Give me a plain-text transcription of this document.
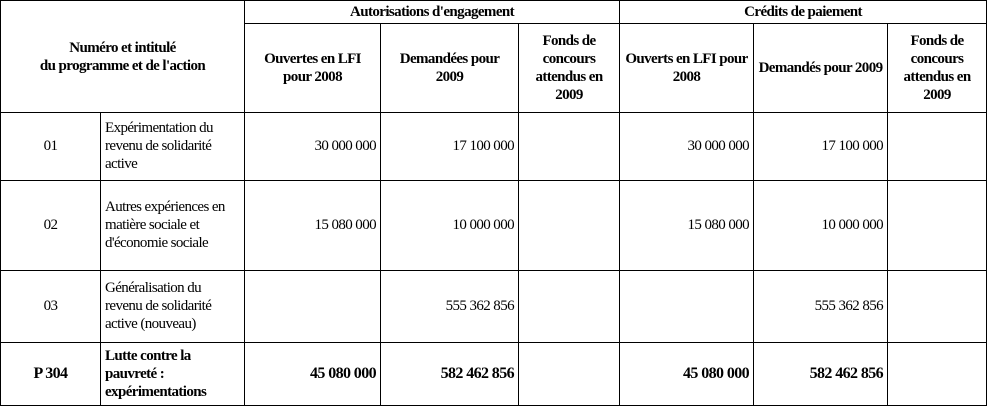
Numéro et intitulé
du programme et de l'action		Autorisations d'engagement			Crédits de paiement		
		Ouvertes en LFI pour 2008	Demandées pour 2009	Fonds de concours attendus en 2009	Ouverts en LFI pour 2008	Demandés pour 2009	Fonds de concours attendus en 2009
01	Expérimentation du revenu de solidarité active	30 000 000	17 100 000		30 000 000	17 100 000	
02	Autres expériences en matière sociale et d'économie sociale	15 080 000	10 000 000		15 080 000	10 000 000	
03	Généralisation du revenu de solidarité active (nouveau)		555 362 856			555 362 856	
P 304	Lutte contre la pauvreté : expérimentations	45 080 000	582 462 856		45 080 000	582 462 856	
